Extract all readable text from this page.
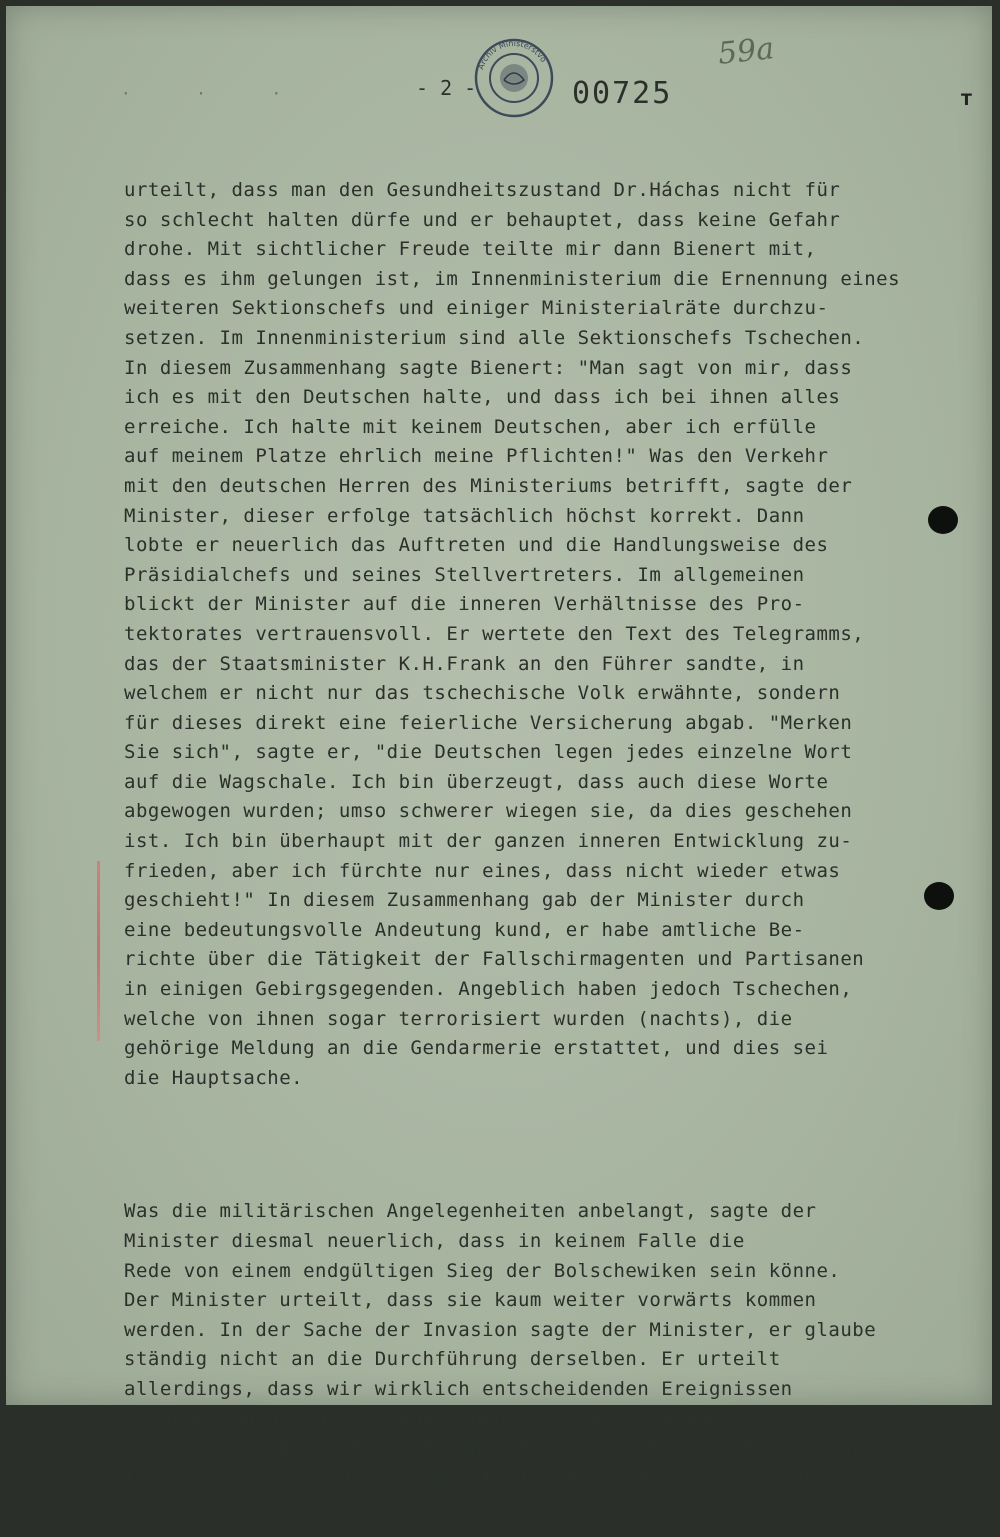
· · ·
Archiv Ministerstvo
- 2 -	00725
59a
T

urteilt, dass man den Gesundheitszustand Dr.Háchas nicht für
so schlecht halten dürfe und er behauptet, dass keine Gefahr
drohe. Mit sichtlicher Freude teilte mir dann Bienert mit,
dass es ihm gelungen ist, im Innenministerium die Ernennung eines
weiteren Sektionschefs und einiger Ministerialräte durchzu-
setzen. Im Innenministerium sind alle Sektionschefs Tschechen.
In diesem Zusammenhang sagte Bienert: "Man sagt von mir, dass
ich es mit den Deutschen halte, und dass ich bei ihnen alles
erreiche. Ich halte mit keinem Deutschen, aber ich erfülle
auf meinem Platze ehrlich meine Pflichten!" Was den Verkehr
mit den deutschen Herren des Ministeriums betrifft, sagte der
Minister, dieser erfolge tatsächlich höchst korrekt. Dann
lobte er neuerlich das Auftreten und die Handlungsweise des
Präsidialchefs und seines Stellvertreters. Im allgemeinen
blickt der Minister auf die inneren Verhältnisse des Pro-
tektorates vertrauensvoll. Er wertete den Text des Telegramms,
das der Staatsminister K.H.Frank an den Führer sandte, in
welchem er nicht nur das tschechische Volk erwähnte, sondern
für dieses direkt eine feierliche Versicherung abgab. "Merken
Sie sich", sagte er, "die Deutschen legen jedes einzelne Wort
auf die Wagschale. Ich bin überzeugt, dass auch diese Worte
abgewogen wurden; umso schwerer wiegen sie, da dies geschehen
ist. Ich bin überhaupt mit der ganzen inneren Entwicklung zu-
frieden, aber ich fürchte nur eines, dass nicht wieder etwas
geschieht!" In diesem Zusammenhang gab der Minister durch
eine bedeutungsvolle Andeutung kund, er habe amtliche Be-
richte über die Tätigkeit der Fallschirmagenten und Partisanen
in einigen Gebirgsgegenden. Angeblich haben jedoch Tschechen,
welche von ihnen sogar terrorisiert wurden (nachts), die
gehörige Meldung an die Gendarmerie erstattet, und dies sei
die Hauptsache.

Was die militärischen Angelegenheiten anbelangt, sagte der
Minister diesmal neuerlich, dass in keinem Falle die
Rede von einem endgültigen Sieg der Bolschewiken sein könne.
Der Minister urteilt, dass sie kaum weiter vorwärts kommen
werden. In der Sache der Invasion sagte der Minister, er glaube
ständig nicht an die Durchführung derselben. Er urteilt
allerdings, dass wir wirklich entscheidenden Ereignissen
entgegensehen, dass es aber unmöglich sei, irgendetwas zu
prophezeien. Er sagte wörtlich: "Für mich ist die internationa-
le Politik, aber auch die militärische Strategie, unbekann-
